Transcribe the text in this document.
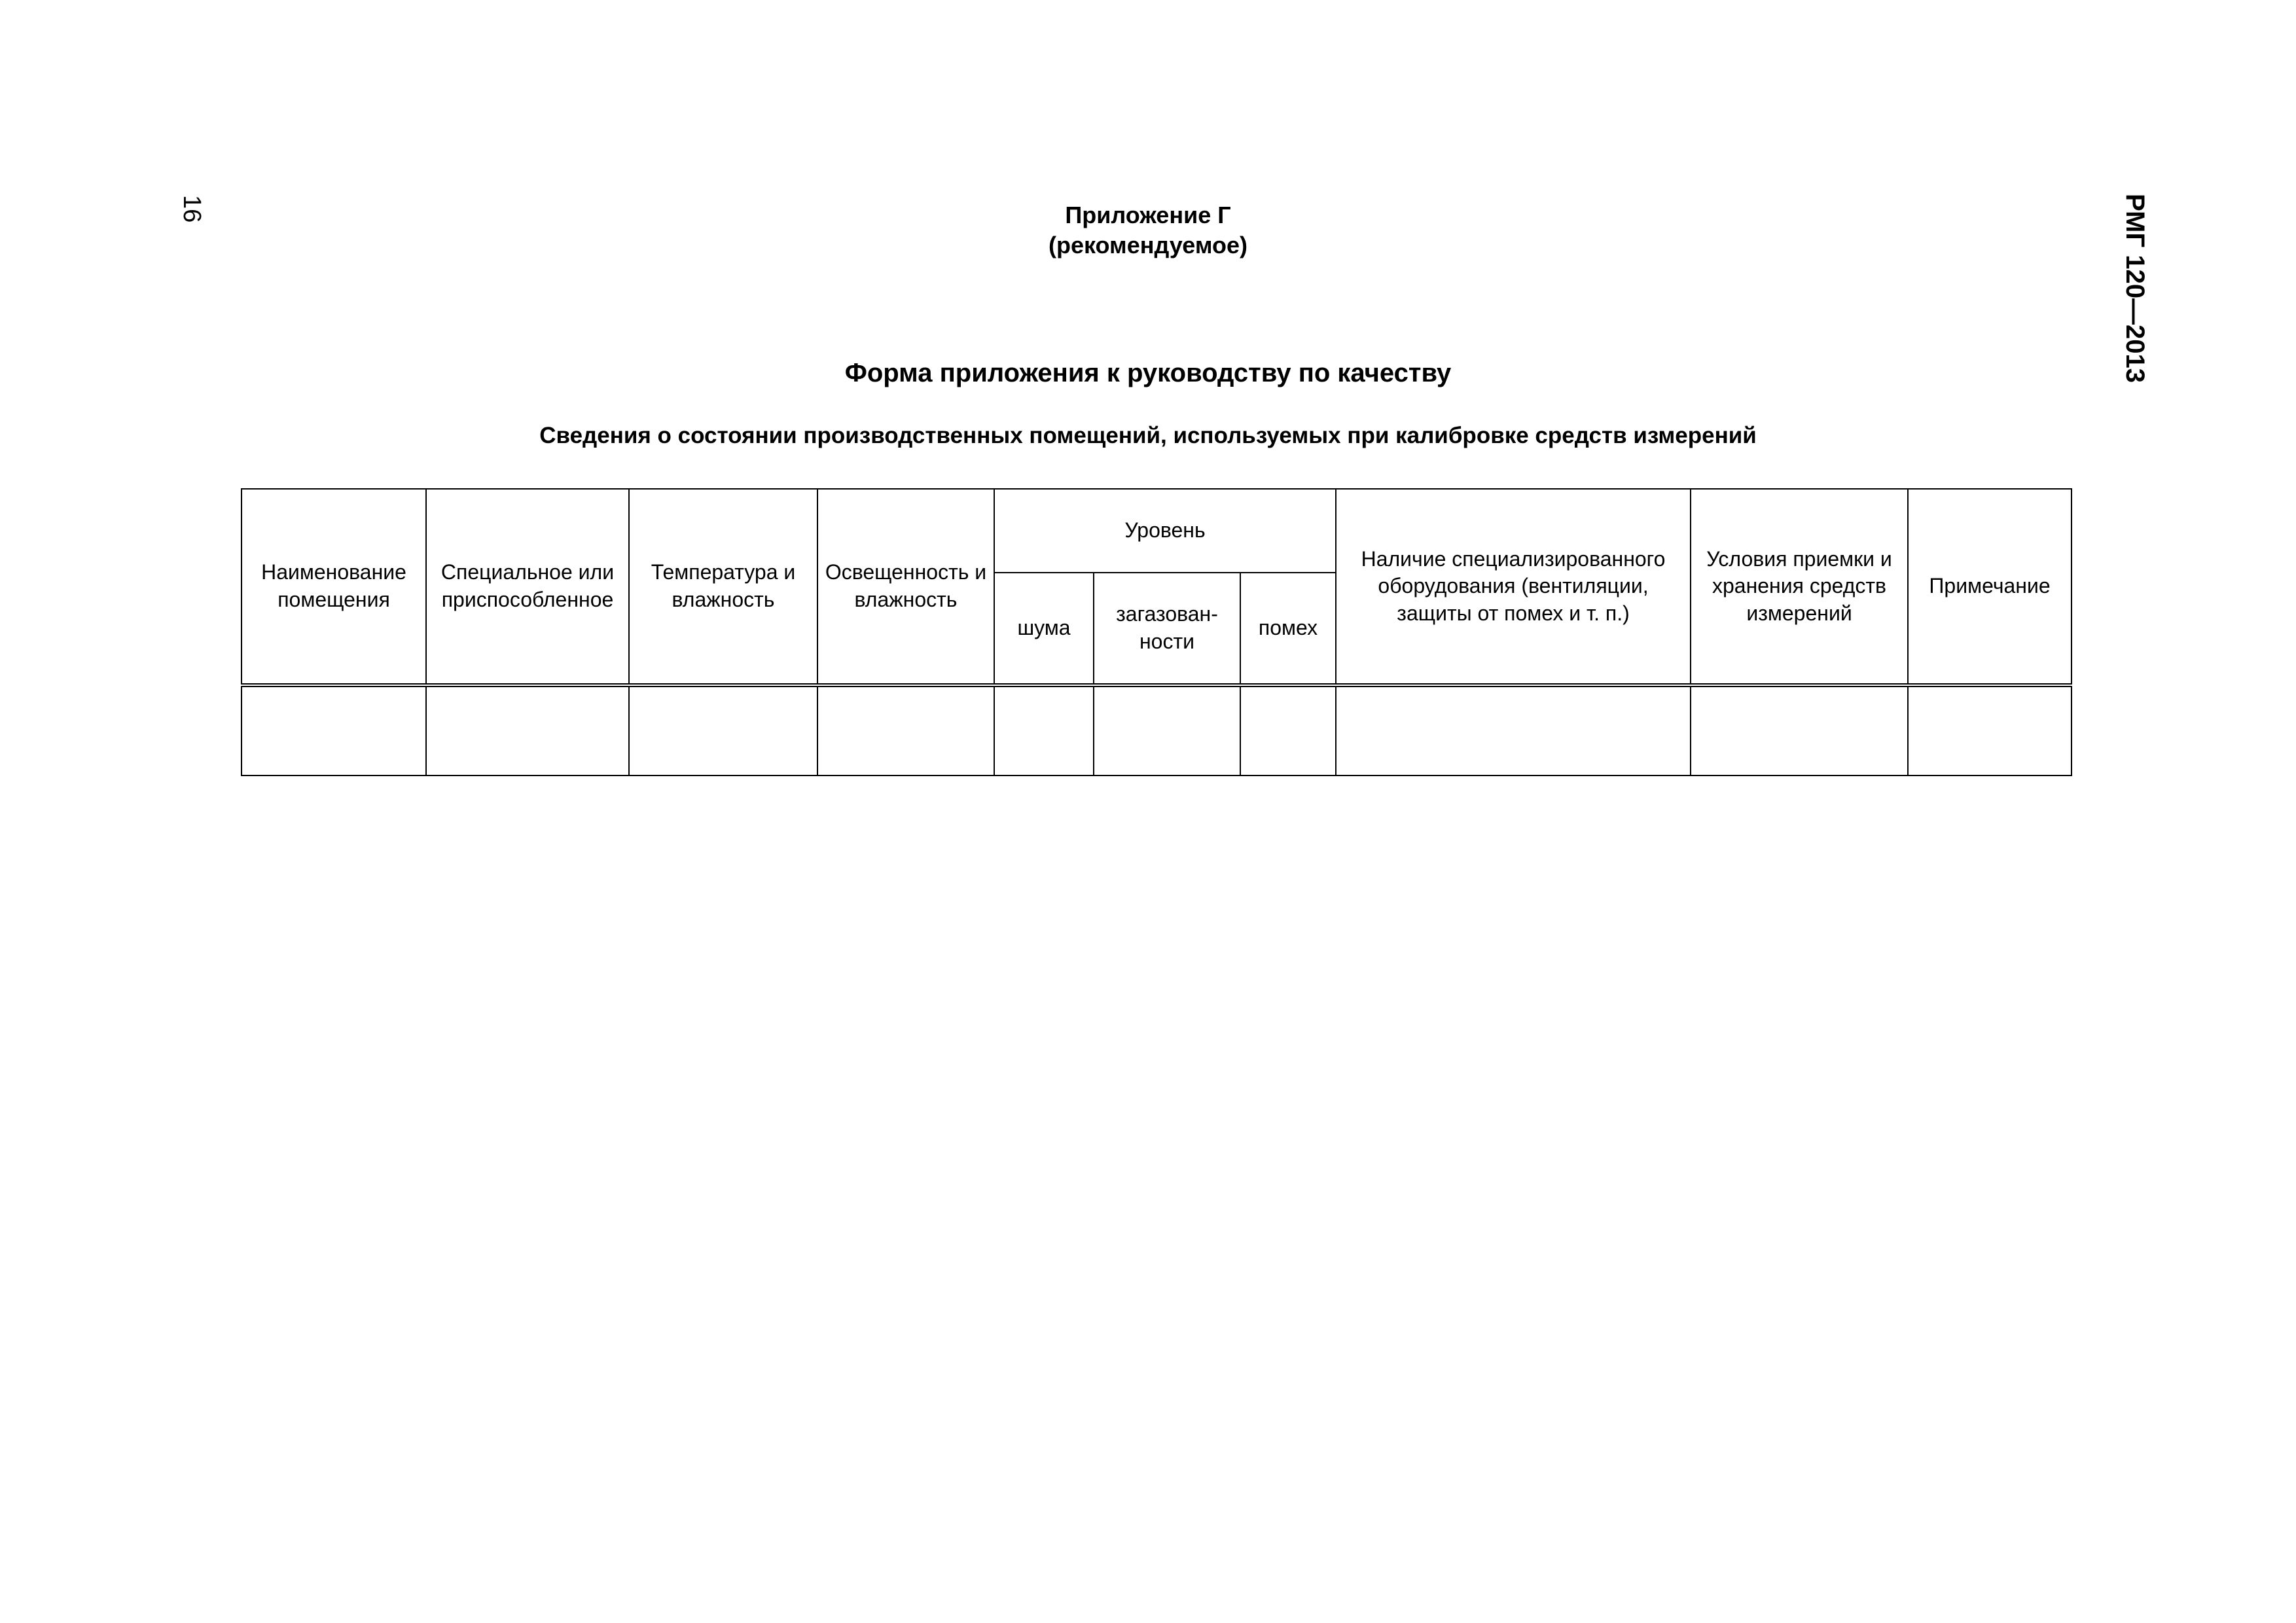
16	РМГ 120—2013
Приложение Г
(рекомендуемое)
Форма приложения к руководству по качеству
Сведения о состоянии производственных помещений, используемых при калибровке средств измерений
Наименование помещения	Специальное или приспособленное	Температура и влажность	Освещенность и влажность	Уровень			Наличие специализированного оборудования (вентиляции, защиты от помех и т. п.)	Условия приемки и хранения средств измерений	Примечание
				шума	загазован- ности	помех			
